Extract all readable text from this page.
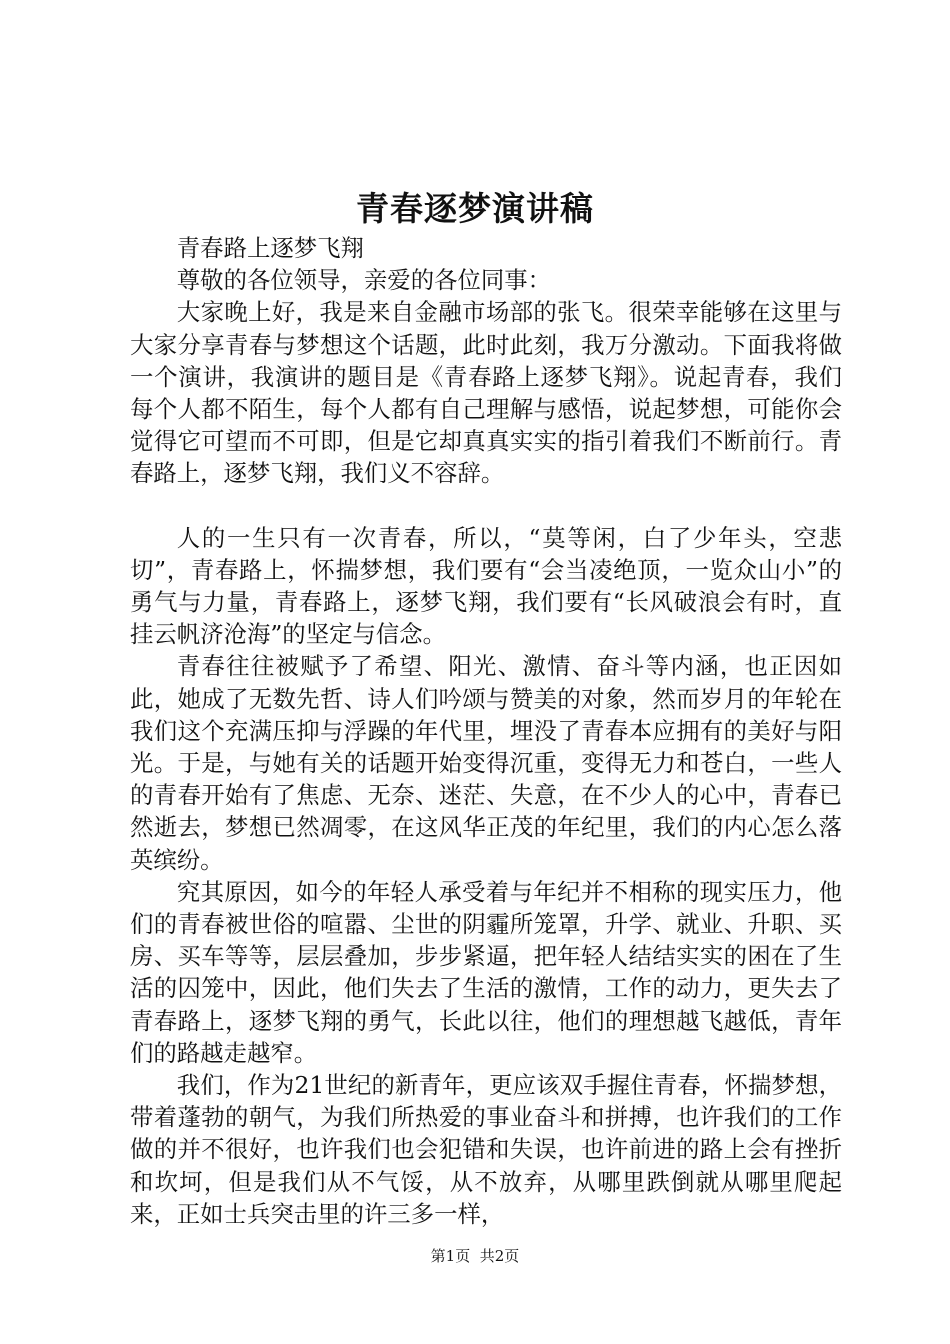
青春逐梦演讲稿

青春路上逐梦飞翔

尊敬的各位领导，亲爱的各位同事：

大家晚上好，我是来自金融市场部的张飞。很荣幸能够在这里与大家分享青春与梦想这个话题，此时此刻，我万分激动。下面我将做一个演讲，我演讲的题目是《青春路上逐梦飞翔》。说起青春，我们每个人都不陌生，每个人都有自己理解与感悟，说起梦想，可能你会觉得它可望而不可即，但是它却真真实实的指引着我们不断前行。青春路上，逐梦飞翔，我们义不容辞。

人的一生只有一次青春，所以，“莫等闲，白了少年头，空悲切”，青春路上，怀揣梦想，我们要有“会当凌绝顶，一览众山小”的勇气与力量，青春路上，逐梦飞翔，我们要有“长风破浪会有时，直挂云帆济沧海”的坚定与信念。

青春往往被赋予了希望、阳光、激情、奋斗等内涵，也正因如此，她成了无数先哲、诗人们吟颂与赞美的对象，然而岁月的年轮在我们这个充满压抑与浮躁的年代里，埋没了青春本应拥有的美好与阳光。于是，与她有关的话题开始变得沉重，变得无力和苍白，一些人的青春开始有了焦虑、无奈、迷茫、失意，在不少人的心中，青春已然逝去，梦想已然凋零，在这风华正茂的年纪里，我们的内心怎么落英缤纷。

究其原因，如今的年轻人承受着与年纪并不相称的现实压力，他们的青春被世俗的喧嚣、尘世的阴霾所笼罩，升学、就业、升职、买房、买车等等，层层叠加，步步紧逼，把年轻人结结实实的困在了生活的囚笼中，因此，他们失去了生活的激情，工作的动力，更失去了青春路上，逐梦飞翔的勇气，长此以往，他们的理想越飞越低，青年们的路越走越窄。

我们，作为21世纪的新青年，更应该双手握住青春，怀揣梦想，带着蓬勃的朝气，为我们所热爱的事业奋斗和拼搏，也许我们的工作做的并不很好，也许我们也会犯错和失误，也许前进的路上会有挫折和坎坷，但是我们从不气馁，从不放弃，从哪里跌倒就从哪里爬起来，正如士兵突击里的许三多一样，

第1页 共2页
